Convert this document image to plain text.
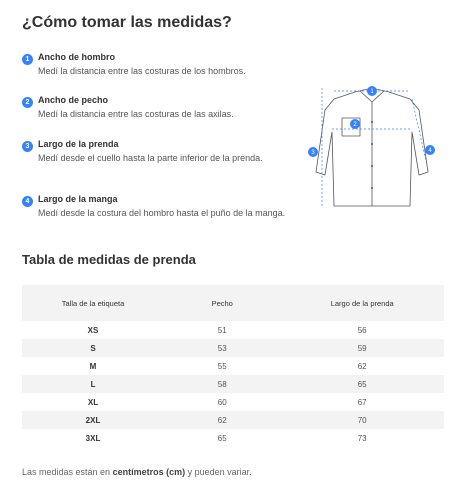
¿Cómo tomar las medidas?
1 Ancho de hombro
Medí la distancia entre las costuras de los hombros.
2 Ancho de pecho
Medí la distancia entre las costuras de las axilas.
3 Largo de la prenda
Medí desde el cuello hasta la parte inferior de la prenda.
4 Largo de la manga
Medí desde la costura del hombro hasta el puño de la manga.
1
2
3	4
Tabla de medidas de prenda
Talla de la etiqueta	Pecho	Largo de la prenda
XS	51	56
S	53	59
M	55	62
L	58	65
XL	60	67
2XL	62	70
3XL	65	73
Las medidas están en centímetros (cm) y pueden variar.
